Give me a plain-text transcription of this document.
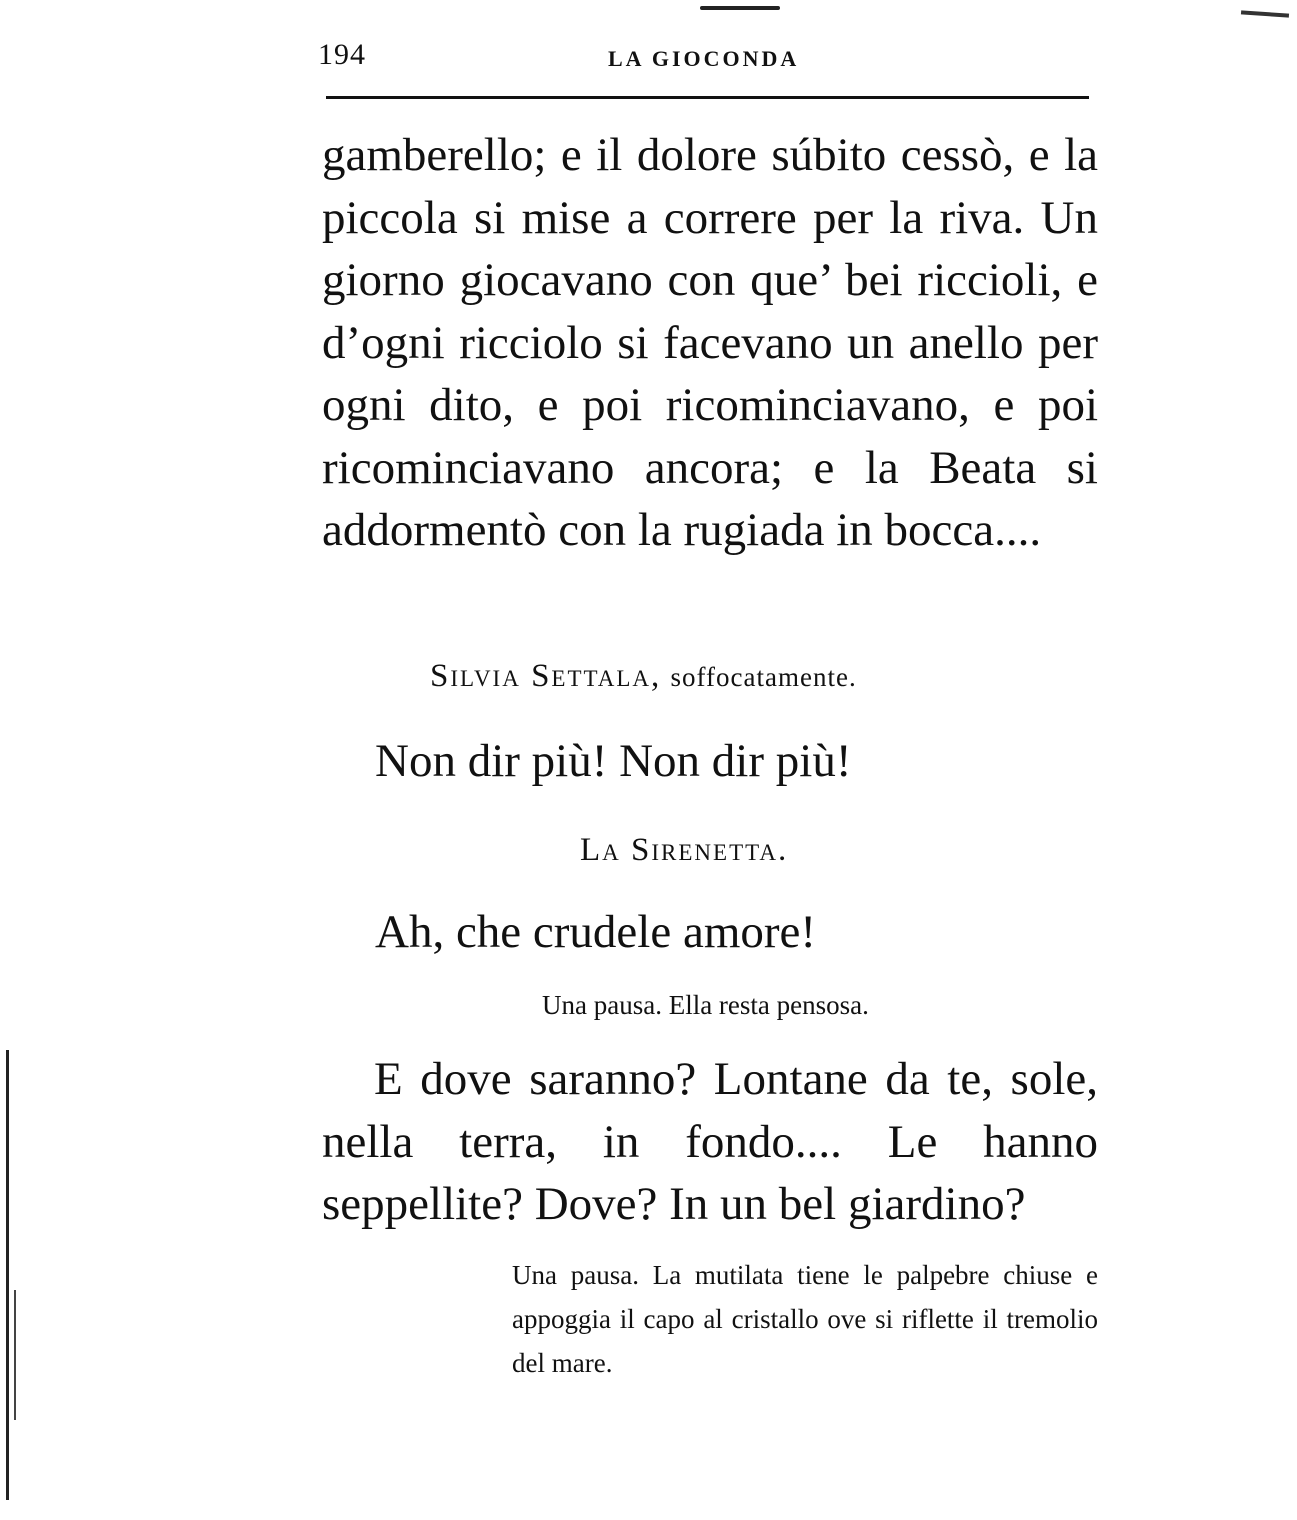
194	LA GIOCONDA

gamberello; e il dolore súbito cessò, e la piccola si mise a correre per la riva. Un giorno giocavano con que’ bei riccioli, e d’ogni ricciolo si facevano un anello per ogni dito, e poi ricominciavano, e poi ricominciavano ancora; e la Beata si addormentò con la rugiada in bocca....

Silvia Settala, soffocatamente.

Non dir più! Non dir più!

La Sirenetta.

Ah, che crudele amore!

Una pausa. Ella resta pensosa.

E dove saranno? Lontane da te, sole, nella terra, in fondo.... Le hanno seppellite? Dove? In un bel giardino?

Una pausa. La mutilata tiene le palpebre chiuse e appoggia il capo al cristallo ove si riflette il tremolio del mare.
